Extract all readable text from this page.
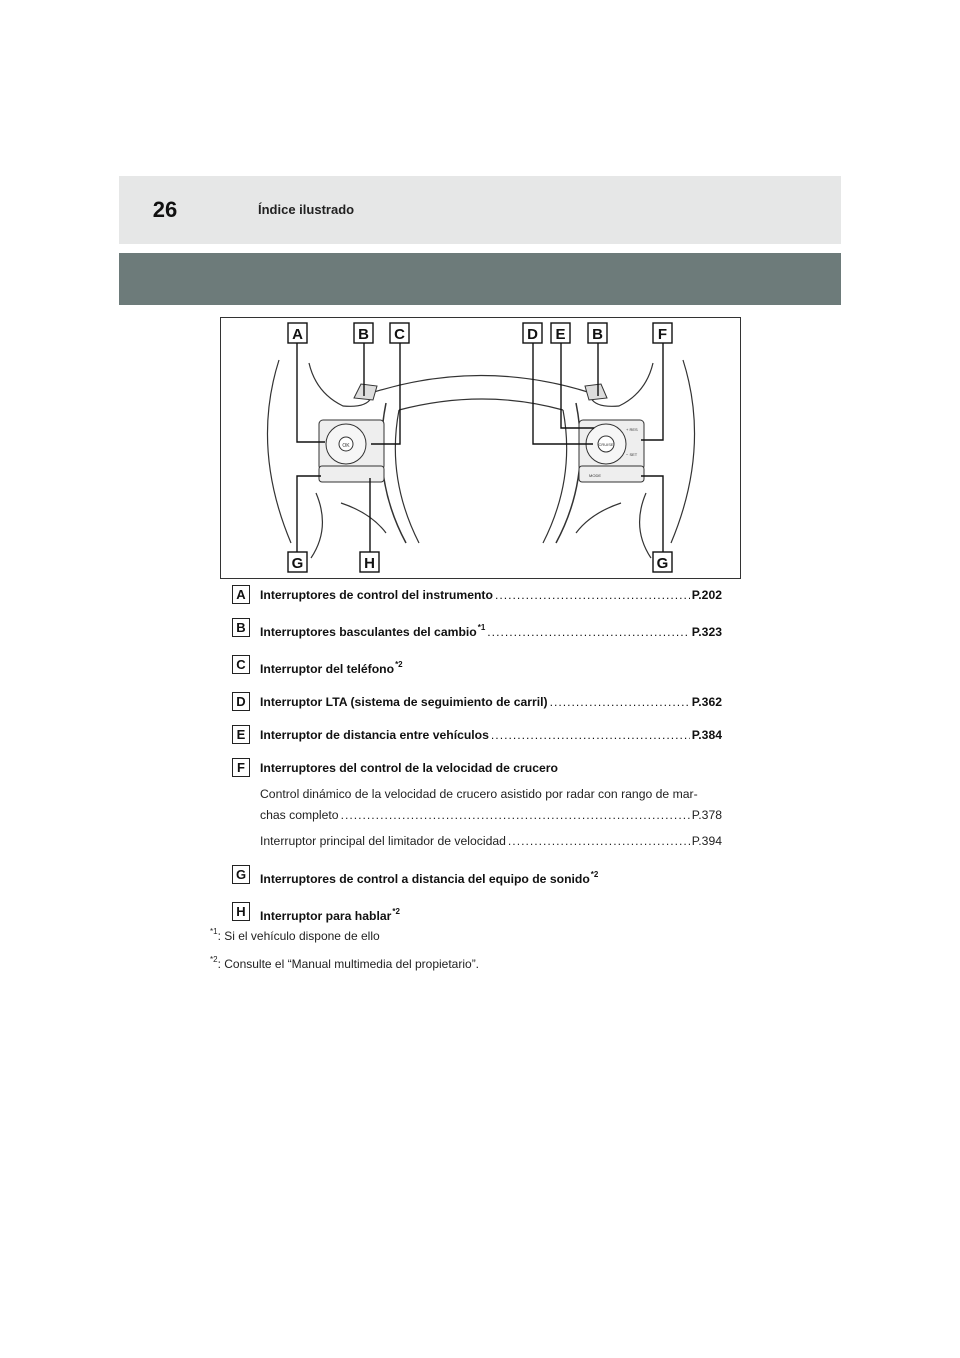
26	Índice ilustrado
OK	CRUISE
+ RES
− SET
MODE
A	B C	D E B	F
G	H	G
A	Interruptores de control del instrumento .....	P.202
B	Interruptores basculantes del cambio$^{*1}$ .....	P.323
C	Interruptor del teléfono$^{*2}$
D	Interruptor LTA (sistema de seguimiento de carril) .....	P.362
E	Interruptor de distancia entre vehículos .....	P.384
F	Interruptores del control de la velocidad de crucero
Control dinámico de la velocidad de crucero asistido por radar con rango de mar-
chas completo .....	P.378
Interruptor principal del limitador de velocidad .....	P.394
G	Interruptores de control a distancia del equipo de sonido$^{*2}$
H	Interruptor para hablar$^{*2}$
$^{*1}$: Si el vehículo dispone de ello
$^{*2}$: Consulte el “Manual multimedia del propietario”.
